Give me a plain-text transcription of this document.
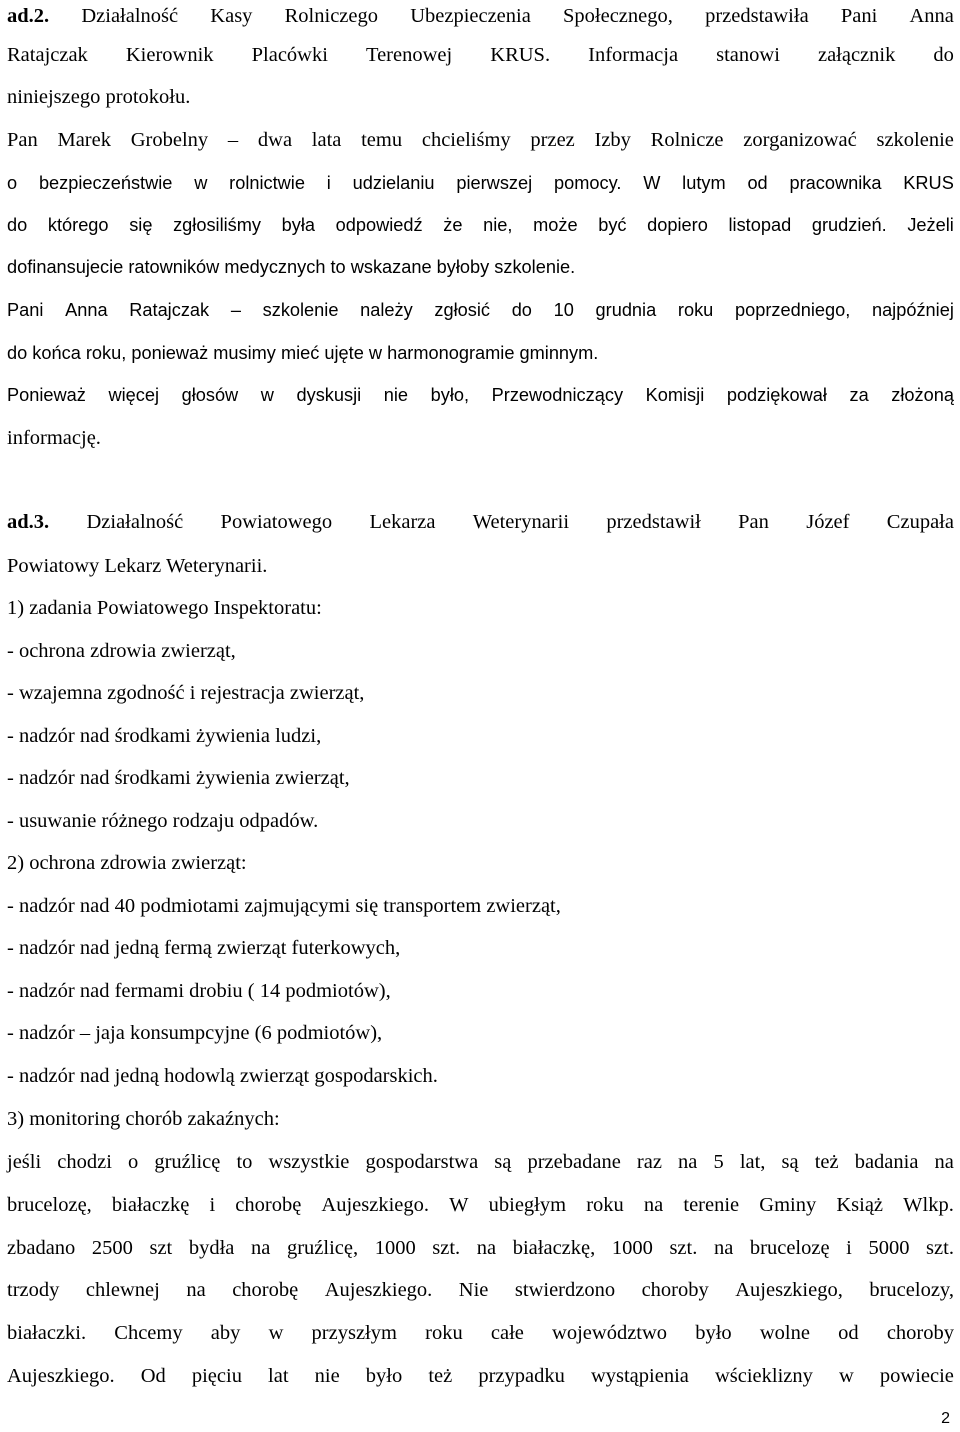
ad.2. Działalność Kasy Rolniczego Ubezpieczenia Społecznego, przedstawiła Pani Anna
Ratajczak Kierownik Placówki Terenowej KRUS. Informacja stanowi załącznik do
niniejszego protokołu.
Pan Marek Grobelny – dwa lata temu chcieliśmy przez Izby Rolnicze zorganizować szkolenie
o bezpieczeństwie w rolnictwie i udzielaniu pierwszej pomocy. W lutym od pracownika KRUS
do którego się zgłosiliśmy była odpowiedź że nie, może być dopiero listopad grudzień. Jeżeli
dofinansujecie ratowników medycznych to wskazane byłoby szkolenie.
Pani Anna Ratajczak – szkolenie należy zgłosić do 10 grudnia roku poprzedniego, najpóźniej
do końca roku, ponieważ musimy mieć ujęte w harmonogramie gminnym.
Ponieważ więcej głosów w dyskusji nie było, Przewodniczący Komisji podziękował za złożoną
informację.
ad.3. Działalność Powiatowego Lekarza Weterynarii przedstawił Pan Józef Czupała
Powiatowy Lekarz Weterynarii.
1) zadania Powiatowego Inspektoratu:
- ochrona zdrowia zwierząt,
- wzajemna zgodność i rejestracja zwierząt,
- nadzór nad środkami żywienia ludzi,
- nadzór nad środkami żywienia zwierząt,
- usuwanie różnego rodzaju odpadów.
2) ochrona zdrowia zwierząt:
- nadzór nad 40 podmiotami zajmującymi się transportem zwierząt,
- nadzór nad jedną fermą zwierząt futerkowych,
- nadzór nad fermami drobiu ( 14 podmiotów),
- nadzór – jaja konsumpcyjne (6 podmiotów),
- nadzór nad jedną hodowlą zwierząt gospodarskich.
3) monitoring chorób zakaźnych:
jeśli chodzi o gruźlicę to wszystkie gospodarstwa są przebadane raz na 5 lat, są też badania na
brucelozę, białaczkę i chorobę Aujeszkiego. W ubiegłym roku na terenie Gminy Książ Wlkp.
zbadano 2500 szt bydła na gruźlicę, 1000 szt. na białaczkę, 1000 szt. na brucelozę i 5000 szt.
trzody chlewnej na chorobę Aujeszkiego. Nie stwierdzono choroby Aujeszkiego, brucelozy,
białaczki. Chcemy aby w przyszłym roku całe województwo było wolne od choroby
Aujeszkiego. Od pięciu lat nie było też przypadku wystąpienia wścieklizny w powiecie
2
